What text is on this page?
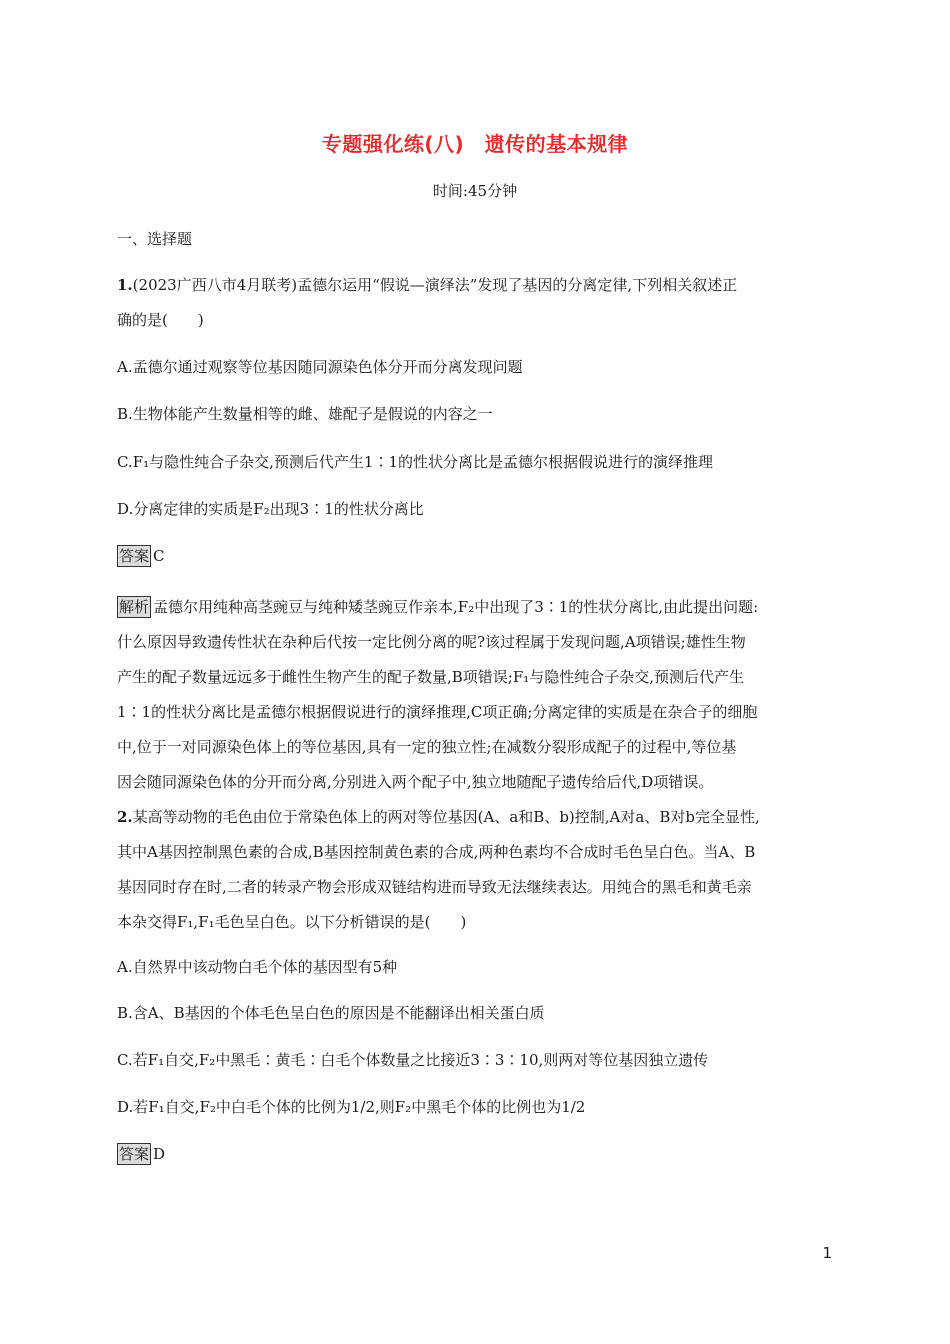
专题强化练(八)　遗传的基本规律
时间:45分钟
一、选择题
1.(2023广西八市4月联考)孟德尔运用“假说—演绎法”发现了基因的分离定律,下列相关叙述正
确的是(　　)
A.孟德尔通过观察等位基因随同源染色体分开而分离发现问题
B.生物体能产生数量相等的雌、雄配子是假说的内容之一
C.F₁与隐性纯合子杂交,预测后代产生1∶1的性状分离比是孟德尔根据假说进行的演绎推理
D.分离定律的实质是F₂出现3∶1的性状分离比
答案 C
解析 孟德尔用纯种高茎豌豆与纯种矮茎豌豆作亲本,F₂中出现了3∶1的性状分离比,由此提出问题:
什么原因导致遗传性状在杂种后代按一定比例分离的呢?该过程属于发现问题,A项错误;雄性生物
产生的配子数量远远多于雌性生物产生的配子数量,B项错误;F₁与隐性纯合子杂交,预测后代产生
1∶1的性状分离比是孟德尔根据假说进行的演绎推理,C项正确;分离定律的实质是在杂合子的细胞
中,位于一对同源染色体上的等位基因,具有一定的独立性;在减数分裂形成配子的过程中,等位基
因会随同源染色体的分开而分离,分别进入两个配子中,独立地随配子遗传给后代,D项错误。
2.某高等动物的毛色由位于常染色体上的两对等位基因(A、a和B、b)控制,A对a、B对b完全显性,
其中A基因控制黑色素的合成,B基因控制黄色素的合成,两种色素均不合成时毛色呈白色。当A、B
基因同时存在时,二者的转录产物会形成双链结构进而导致无法继续表达。用纯合的黑毛和黄毛亲
本杂交得F₁,F₁毛色呈白色。以下分析错误的是(　　)
A.自然界中该动物白毛个体的基因型有5种
B.含A、B基因的个体毛色呈白色的原因是不能翻译出相关蛋白质
C.若F₁自交,F₂中黑毛∶黄毛∶白毛个体数量之比接近3∶3∶10,则两对等位基因独立遗传
D.若F₁自交,F₂中白毛个体的比例为1/2,则F₂中黑毛个体的比例也为1/2
答案 D
1
